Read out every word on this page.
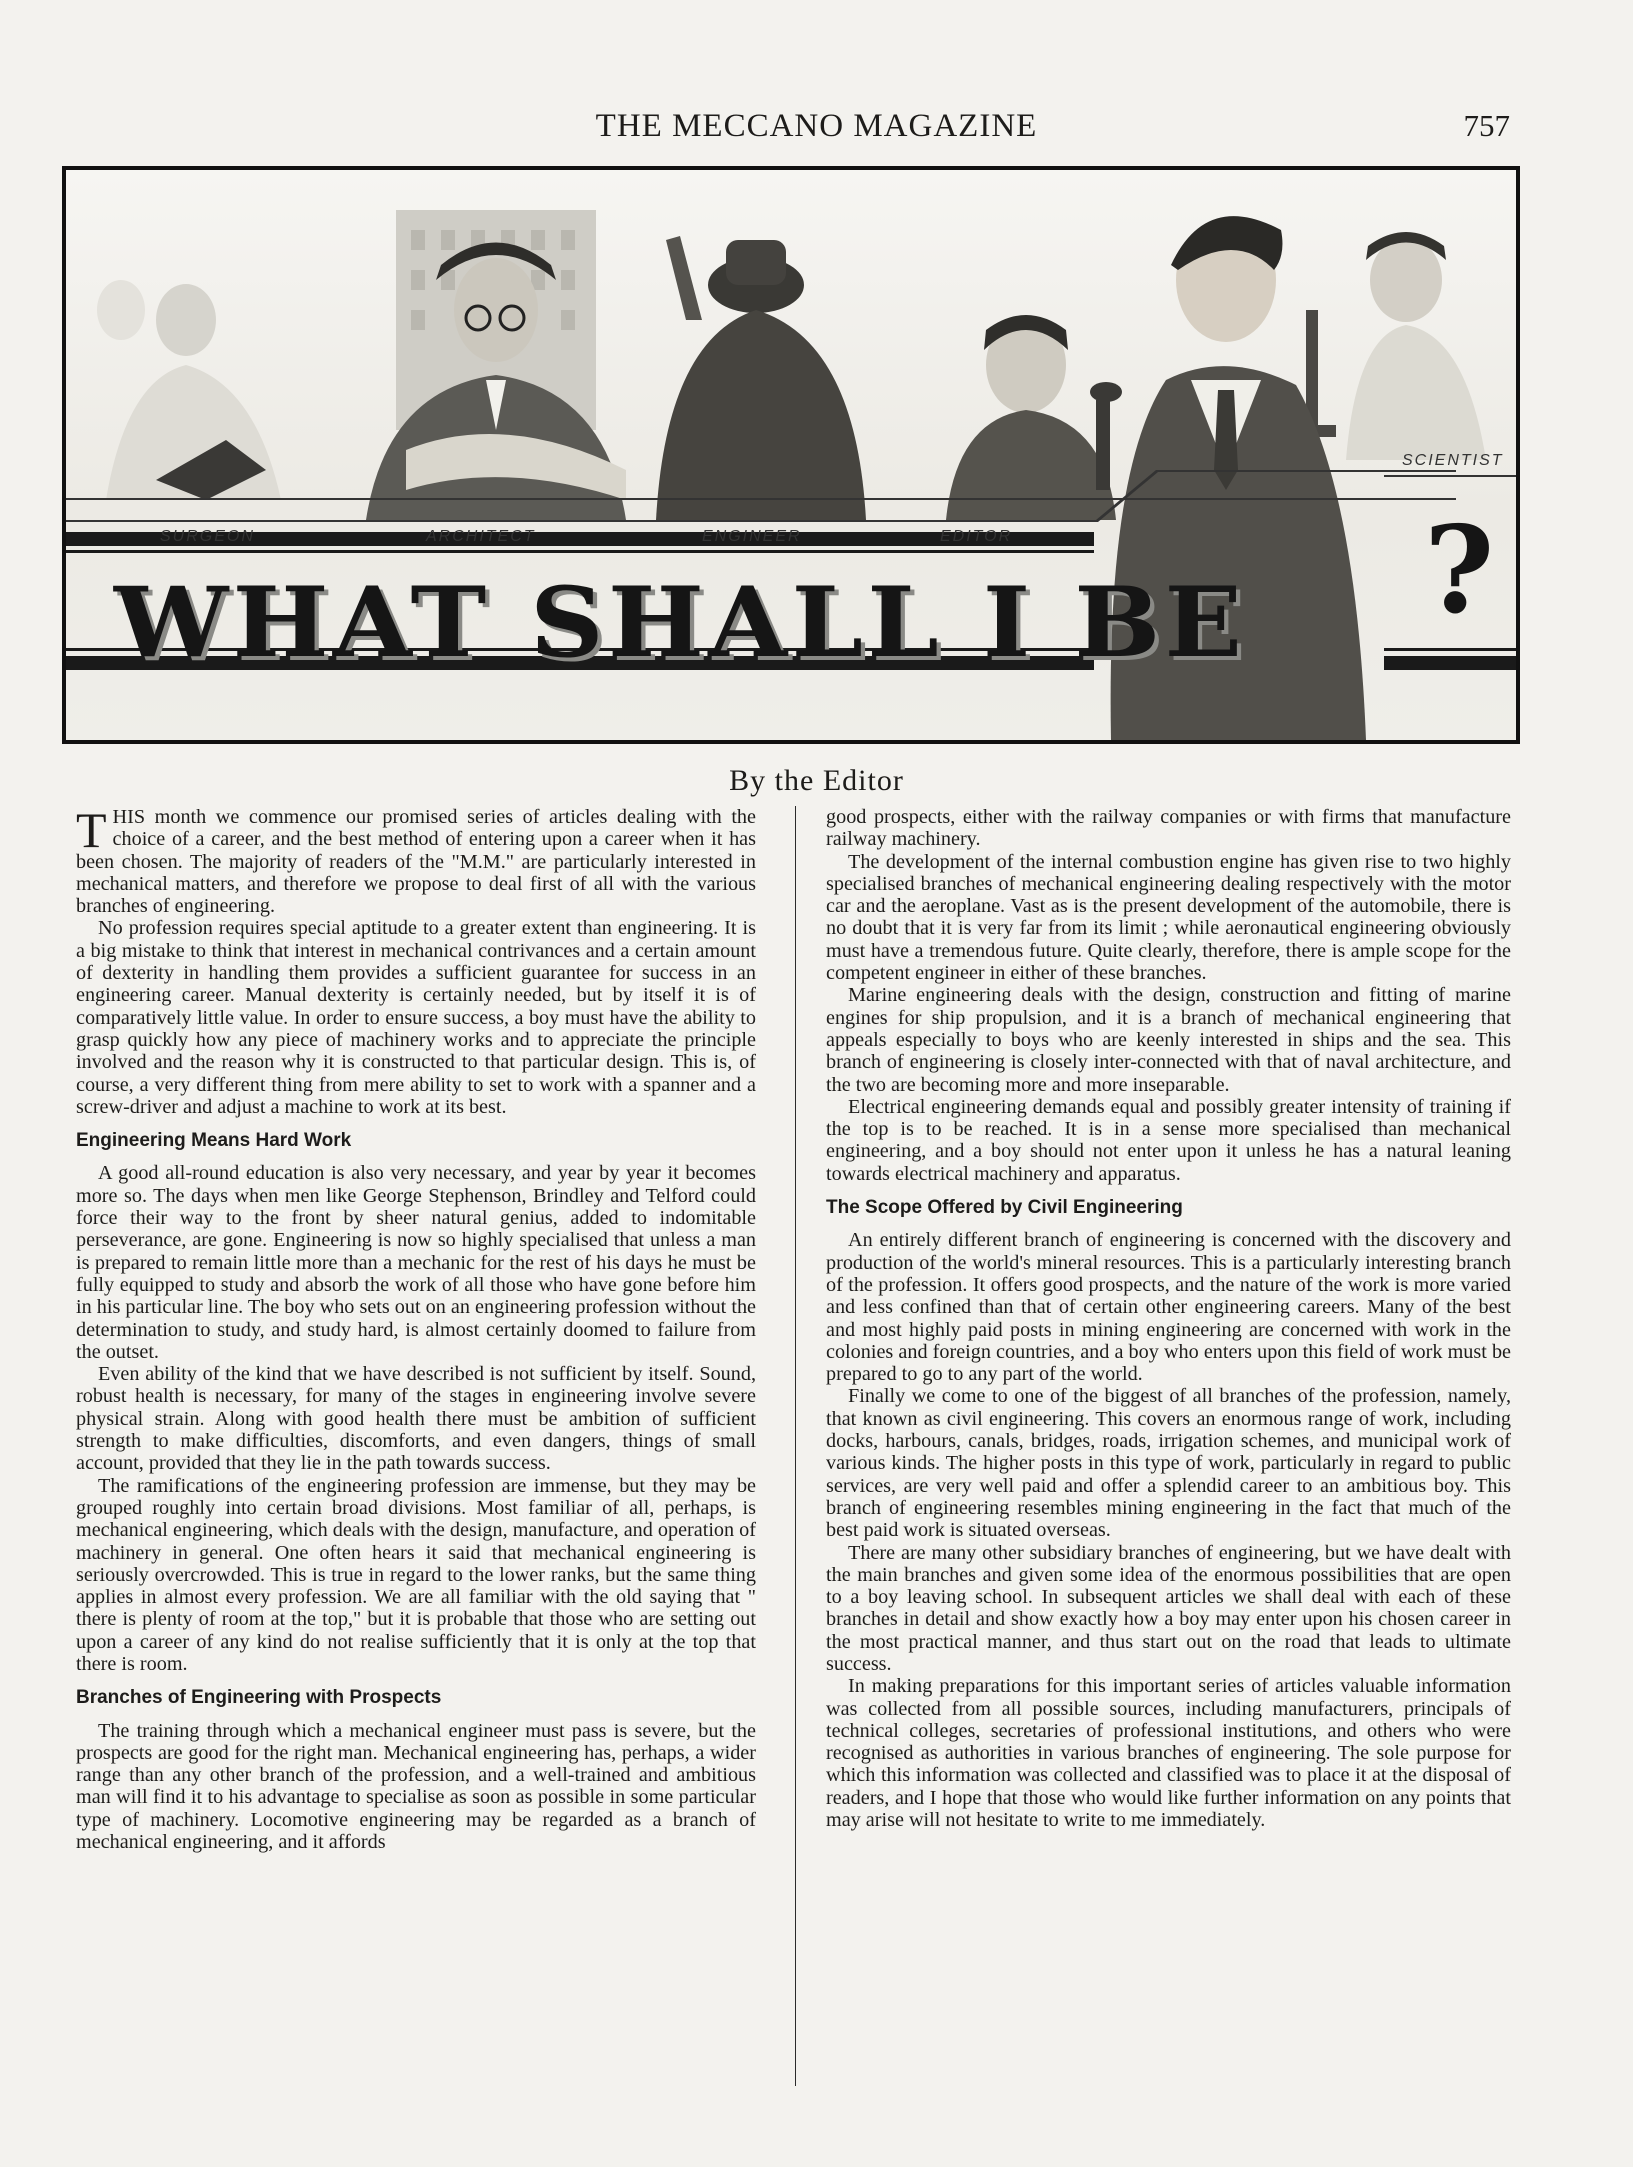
THE MECCANO MAGAZINE	757
SURGEON	ARCHITECT	ENGINEER	EDITOR
SCIENTIST
WHAT SHALL I BE ?
By the Editor

THIS month we commence our promised series of articles dealing with the choice of a career, and the best method of entering upon a career when it has been chosen. The majority of readers of the "M.M." are particularly interested in mechanical matters, and therefore we propose to deal first of all with the various branches of engineering.

No profession requires special aptitude to a greater extent than engineering. It is a big mistake to think that interest in mechanical contrivances and a certain amount of dexterity in handling them provides a sufficient guarantee for success in an engineering career. Manual dexterity is certainly needed, but by itself it is of comparatively little value. In order to ensure success, a boy must have the ability to grasp quickly how any piece of machinery works and to appreciate the principle involved and the reason why it is constructed to that particular design. This is, of course, a very different thing from mere ability to set to work with a spanner and a screw-driver and adjust a machine to work at its best.

Engineering Means Hard Work

A good all-round education is also very necessary, and year by year it becomes more so. The days when men like George Stephenson, Brindley and Telford could force their way to the front by sheer natural genius, added to indomitable perseverance, are gone. Engineering is now so highly specialised that unless a man is prepared to remain little more than a mechanic for the rest of his days he must be fully equipped to study and absorb the work of all those who have gone before him in his particular line. The boy who sets out on an engineering profession without the determination to study, and study hard, is almost certainly doomed to failure from the outset.

Even ability of the kind that we have described is not sufficient by itself. Sound, robust health is necessary, for many of the stages in engineering involve severe physical strain. Along with good health there must be ambition of sufficient strength to make difficulties, discomforts, and even dangers, things of small account, provided that they lie in the path towards success.

The ramifications of the engineering profession are immense, but they may be grouped roughly into certain broad divisions. Most familiar of all, perhaps, is mechanical engineering, which deals with the design, manufacture, and operation of machinery in general. One often hears it said that mechanical engineering is seriously overcrowded. This is true in regard to the lower ranks, but the same thing applies in almost every profession. We are all familiar with the old saying that " there is plenty of room at the top," but it is probable that those who are setting out upon a career of any kind do not realise sufficiently that it is only at the top that there is room.

Branches of Engineering with Prospects

The training through which a mechanical engineer must pass is severe, but the prospects are good for the right man. Mechanical engineering has, perhaps, a wider range than any other branch of the profession, and a well-trained and ambitious man will find it to his advantage to specialise as soon as possible in some particular type of machinery. Locomotive engineering may be regarded as a branch of mechanical engineering, and it affords

good prospects, either with the railway companies or with firms that manufacture railway machinery.

The development of the internal combustion engine has given rise to two highly specialised branches of mechanical engineering dealing respectively with the motor car and the aeroplane. Vast as is the present development of the automobile, there is no doubt that it is very far from its limit ; while aeronautical engineering obviously must have a tremendous future. Quite clearly, therefore, there is ample scope for the competent engineer in either of these branches.

Marine engineering deals with the design, construction and fitting of marine engines for ship propulsion, and it is a branch of mechanical engineering that appeals especially to boys who are keenly interested in ships and the sea. This branch of engineering is closely inter-connected with that of naval architecture, and the two are becoming more and more inseparable.

Electrical engineering demands equal and possibly greater intensity of training if the top is to be reached. It is in a sense more specialised than mechanical engineering, and a boy should not enter upon it unless he has a natural leaning towards electrical machinery and apparatus.

The Scope Offered by Civil Engineering

An entirely different branch of engineering is concerned with the discovery and production of the world's mineral resources. This is a particularly interesting branch of the profession. It offers good prospects, and the nature of the work is more varied and less confined than that of certain other engineering careers. Many of the best and most highly paid posts in mining engineering are concerned with work in the colonies and foreign countries, and a boy who enters upon this field of work must be prepared to go to any part of the world.

Finally we come to one of the biggest of all branches of the profession, namely, that known as civil engineering. This covers an enormous range of work, including docks, harbours, canals, bridges, roads, irrigation schemes, and municipal work of various kinds. The higher posts in this type of work, particularly in regard to public services, are very well paid and offer a splendid career to an ambitious boy. This branch of engineering resembles mining engineering in the fact that much of the best paid work is situated overseas.

There are many other subsidiary branches of engineering, but we have dealt with the main branches and given some idea of the enormous possibilities that are open to a boy leaving school. In subsequent articles we shall deal with each of these branches in detail and show exactly how a boy may enter upon his chosen career in the most practical manner, and thus start out on the road that leads to ultimate success.

In making preparations for this important series of articles valuable information was collected from all possible sources, including manufacturers, principals of technical colleges, secretaries of professional institutions, and others who were recognised as authorities in various branches of engineering. The sole purpose for which this information was collected and classified was to place it at the disposal of readers, and I hope that those who would like further information on any points that may arise will not hesitate to write to me immediately.
